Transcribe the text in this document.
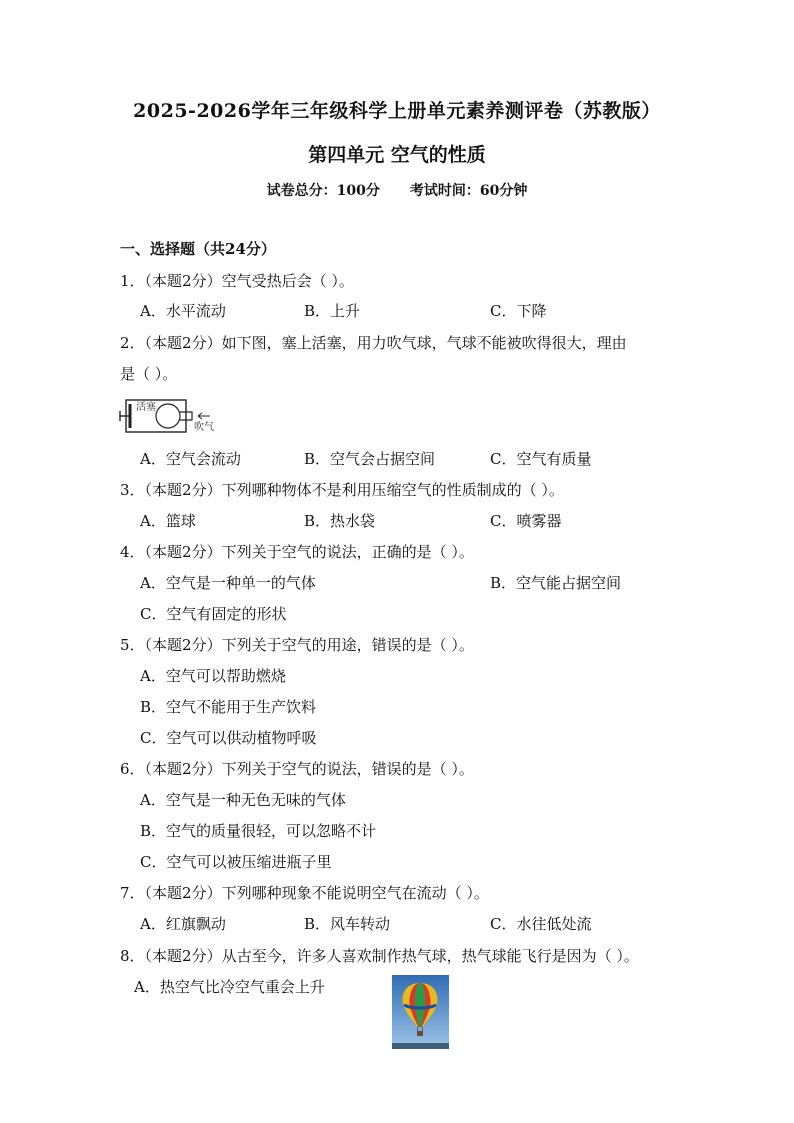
2025-2026学年三年级科学上册单元素养测评卷（苏教版）
第四单元 空气的性质
试卷总分：100分 考试时间：60分钟
一、选择题（共24分）
1．（本题2分）空气受热后会（ ）。
A．水平流动	B．上升	C．下降
2．（本题2分）如下图，塞上活塞，用力吹气球，气球不能被吹得很大，理由
是（ ）。
活塞
吹气
A．空气会流动	B．空气会占据空间	C．空气有质量
3．（本题2分）下列哪种物体不是利用压缩空气的性质制成的（ ）。
A．篮球	B．热水袋	C．喷雾器
4．（本题2分）下列关于空气的说法，正确的是（ ）。
A．空气是一种单一的气体	B．空气能占据空间
C．空气有固定的形状
5．（本题2分）下列关于空气的用途，错误的是（ ）。
A．空气可以帮助燃烧
B．空气不能用于生产饮料
C．空气可以供动植物呼吸
6．（本题2分）下列关于空气的说法，错误的是（ ）。
A．空气是一种无色无味的气体
B．空气的质量很轻，可以忽略不计
C．空气可以被压缩进瓶子里
7．（本题2分）下列哪种现象不能说明空气在流动（ ）。
A．红旗飘动	B．风车转动	C．水往低处流
8．（本题2分）从古至今，许多人喜欢制作热气球，热气球能飞行是因为（ ）。
A．热空气比冷空气重会上升
